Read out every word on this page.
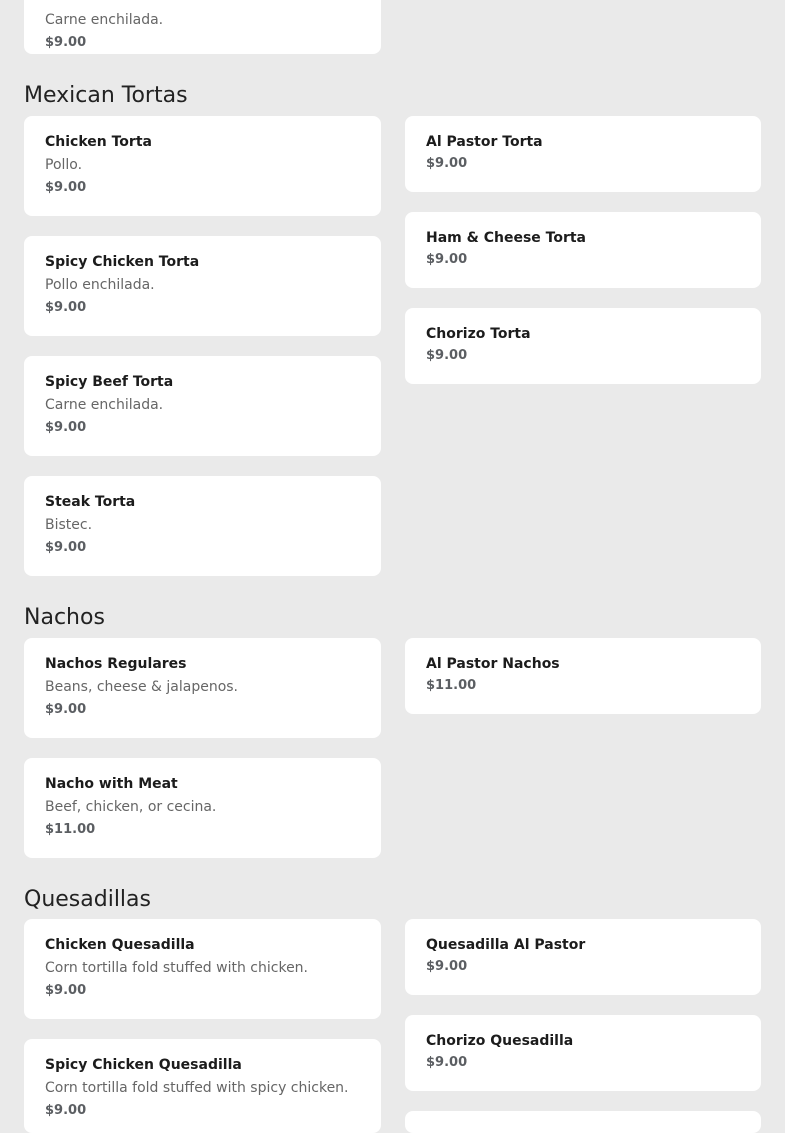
Carne enchilada.

$9.00

Mexican Tortas

Chicken Torta

Pollo.

$9.00

Spicy Chicken Torta

Pollo enchilada.

$9.00

Spicy Beef Torta

Carne enchilada.

$9.00

Steak Torta

Bistec.

$9.00

Al Pastor Torta

$9.00

Ham & Cheese Torta

$9.00

Chorizo Torta

$9.00

Nachos

Nachos Regulares

Beans, cheese & jalapenos.

$9.00

Nacho with Meat

Beef, chicken, or cecina.

$11.00

Al Pastor Nachos

$11.00

Quesadillas

Chicken Quesadilla

Corn tortilla fold stuffed with chicken.

$9.00

Spicy Chicken Quesadilla

Corn tortilla fold stuffed with spicy chicken.

$9.00

Quesadilla Al Pastor

$9.00

Chorizo Quesadilla

$9.00
